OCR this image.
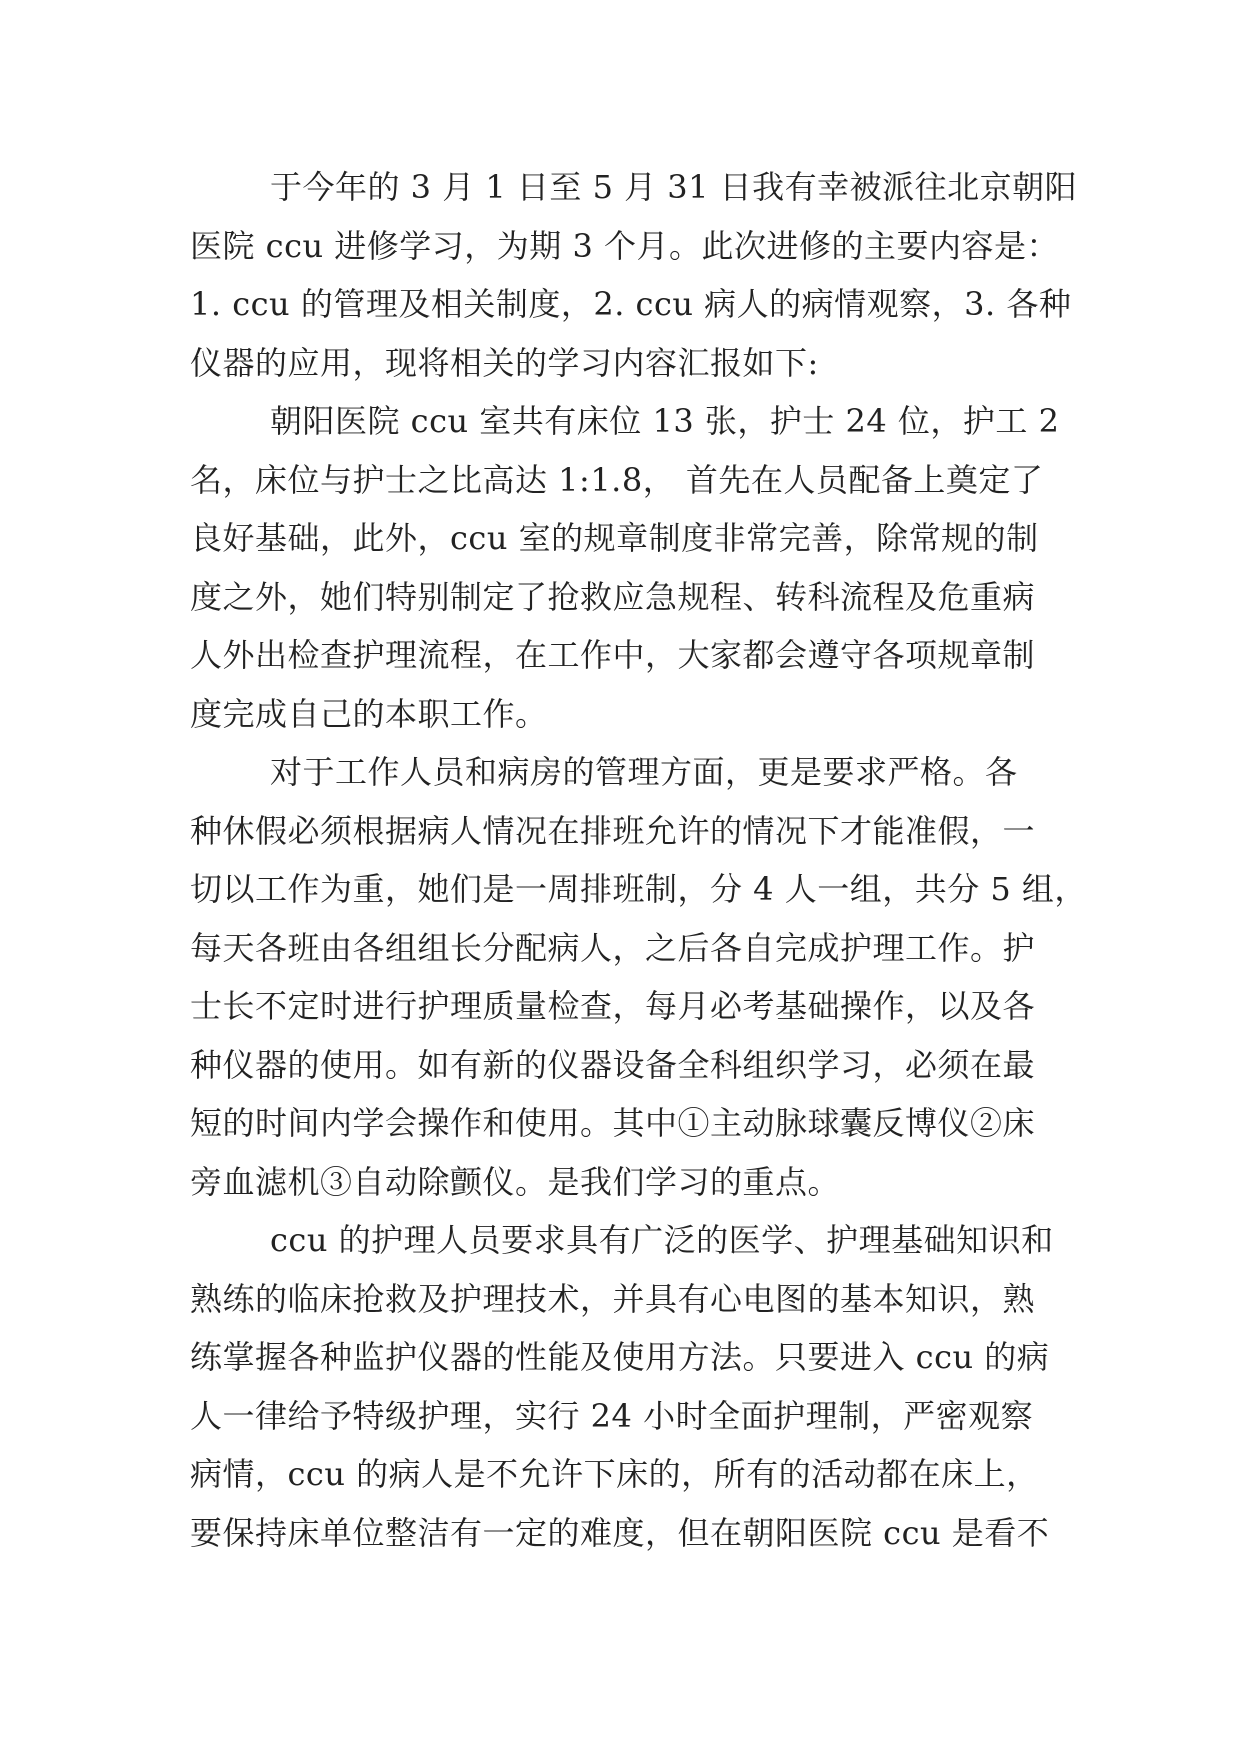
于今年的 3 月 1 日至 5 月 31 日我有幸被派往北京朝阳
医院 ccu 进修学习，为期 3 个月。此次进修的主要内容是：
1. ccu 的管理及相关制度，2. ccu 病人的病情观察，3. 各种
仪器的应用，现将相关的学习内容汇报如下:
朝阳医院 ccu 室共有床位 13 张，护士 24 位，护工 2
名，床位与护士之比高达 1:1.8， 首先在人员配备上奠定了
良好基础，此外，ccu 室的规章制度非常完善，除常规的制
度之外，她们特别制定了抢救应急规程、转科流程及危重病
人外出检查护理流程，在工作中，大家都会遵守各项规章制
度完成自己的本职工作。
对于工作人员和病房的管理方面，更是要求严格。各
种休假必须根据病人情况在排班允许的情况下才能准假，一
切以工作为重，她们是一周排班制，分 4 人一组，共分 5 组，
每天各班由各组组长分配病人，之后各自完成护理工作。护
士长不定时进行护理质量检查，每月必考基础操作，以及各
种仪器的使用。如有新的仪器设备全科组织学习，必须在最
短的时间内学会操作和使用。其中①主动脉球囊反博仪②床
旁血滤机③自动除颤仪。是我们学习的重点。
ccu 的护理人员要求具有广泛的医学、护理基础知识和
熟练的临床抢救及护理技术，并具有心电图的基本知识，熟
练掌握各种监护仪器的性能及使用方法。只要进入 ccu 的病
人一律给予特级护理，实行 24 小时全面护理制，严密观察
病情，ccu 的病人是不允许下床的，所有的活动都在床上，
要保持床单位整洁有一定的难度，但在朝阳医院 ccu 是看不
